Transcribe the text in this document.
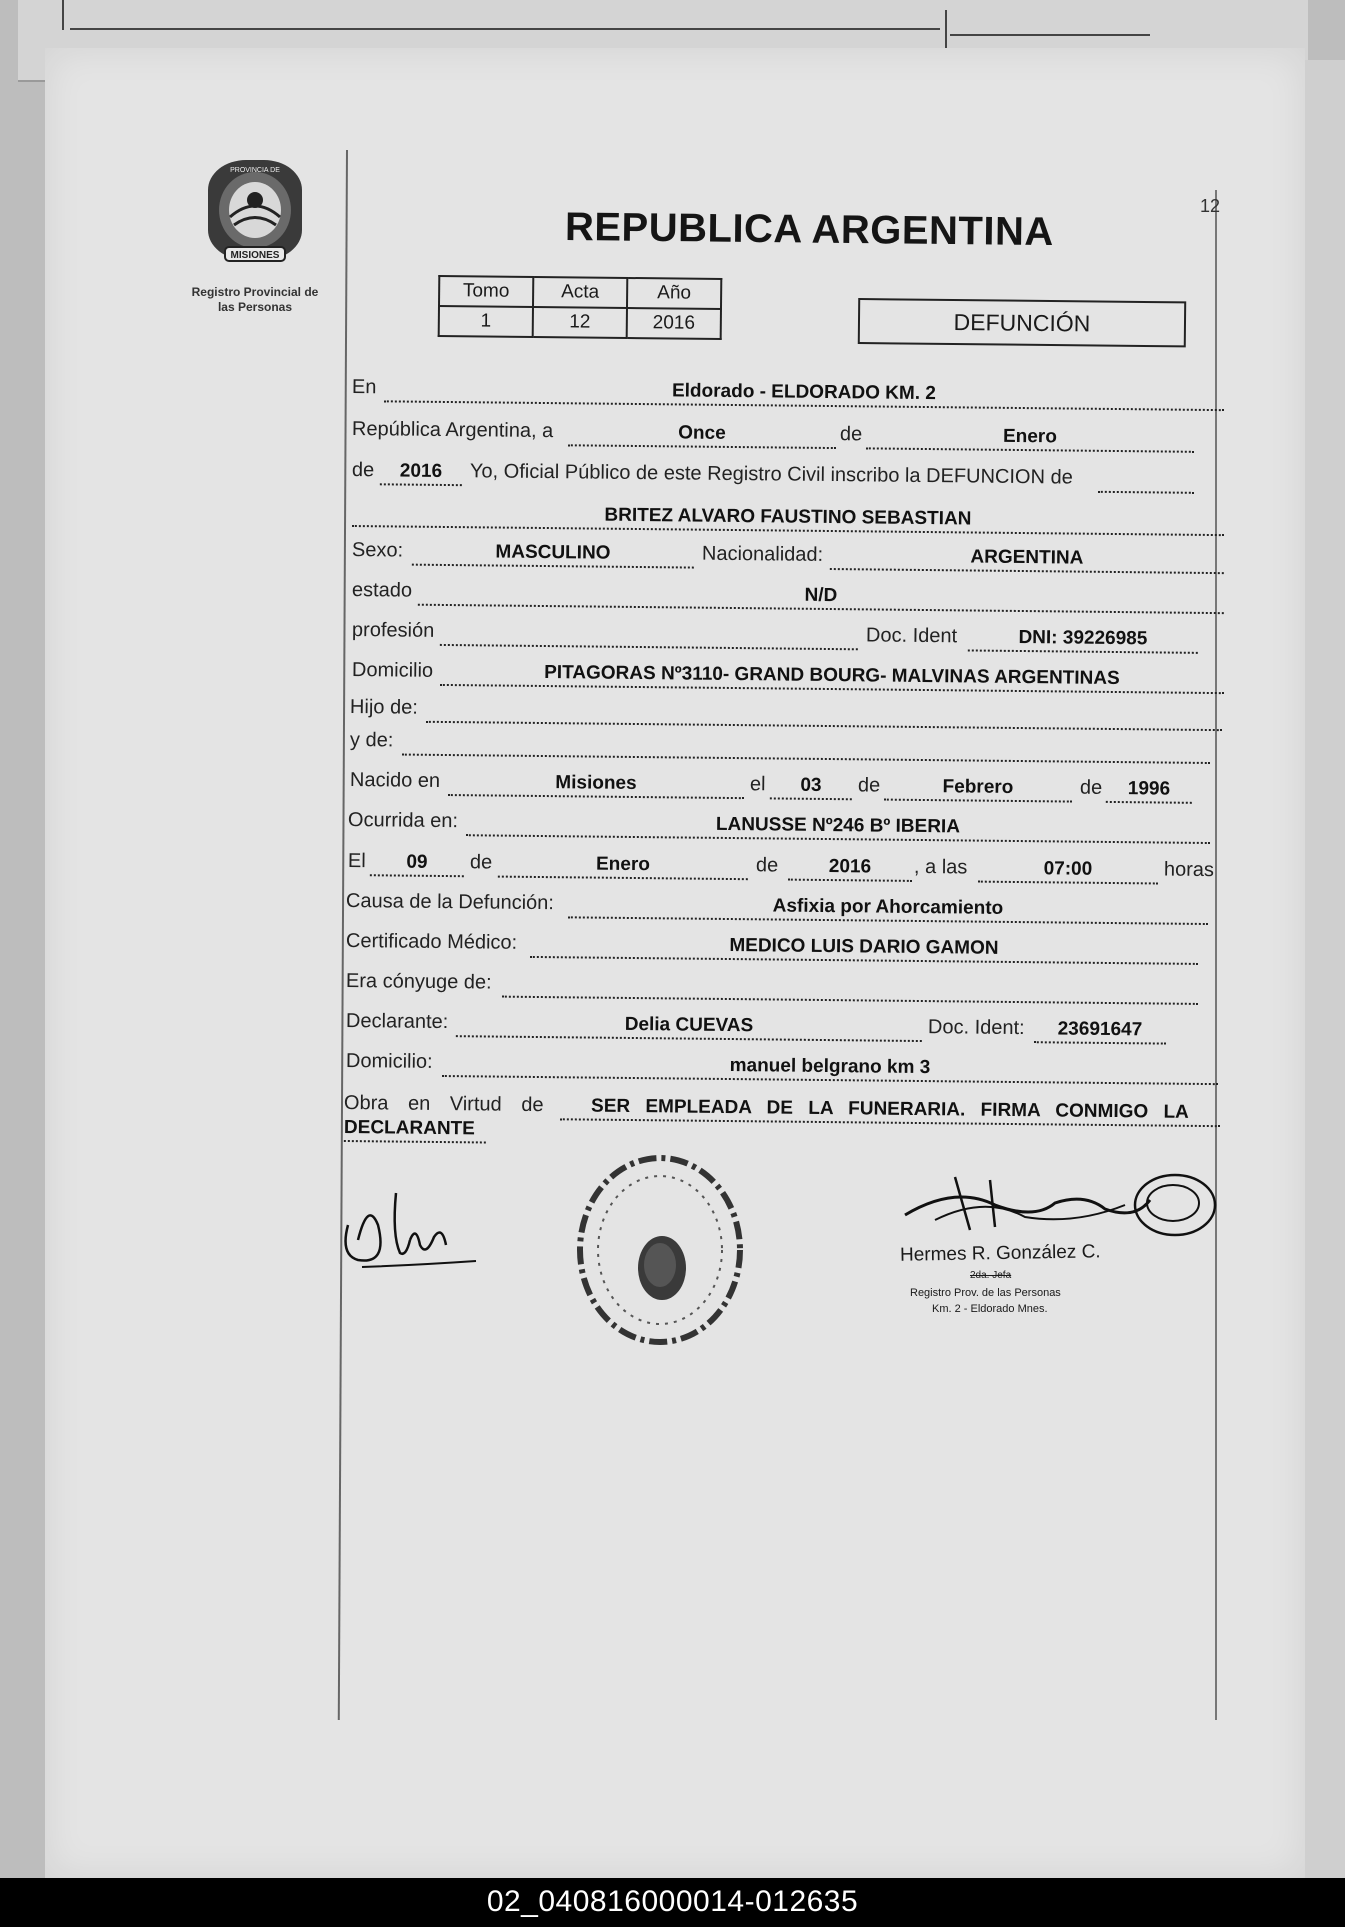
12
MISIONES
PROVINCIA DE
Registro Provincial de
las Personas
REPUBLICA ARGENTINA
Tomo	Acta	Año
1	12	2016	DEFUNCIÓN
En	Eldorado - ELDORADO KM. 2
República Argentina, a	Once	de	Enero
de	2016	Yo, Oficial Público de este Registro Civil inscribo la DEFUNCION de
BRITEZ ALVARO FAUSTINO SEBASTIAN
Sexo:	MASCULINO	Nacionalidad:	ARGENTINA
estado	N/D
profesión	Doc. Ident	DNI: 39226985
Domicilio	PITAGORAS Nº3110- GRAND BOURG- MALVINAS ARGENTINAS
Hijo de:
y de:
Nacido en	Misiones	el	03	de	Febrero	de	1996
Ocurrida en:	LANUSSE Nº246 Bº IBERIA
El	09	de	Enero	de	2016	, a las	07:00	horas
Causa de la Defunción:	Asfixia por Ahorcamiento
Certificado Médico:	MEDICO LUIS DARIO GAMON
Era cónyuge de:
Declarante:	Delia CUEVAS	Doc. Ident:	23691647
Domicilio:	manuel belgrano km 3
Obra en Virtud de	SER EMPLEADA DE LA FUNERARIA. FIRMA CONMIGO LA
DECLARANTE
Hermes R. González C.
2da. Jefa
Registro Prov. de las Personas
Km. 2 - Eldorado Mnes.
02_040816000014-012635
